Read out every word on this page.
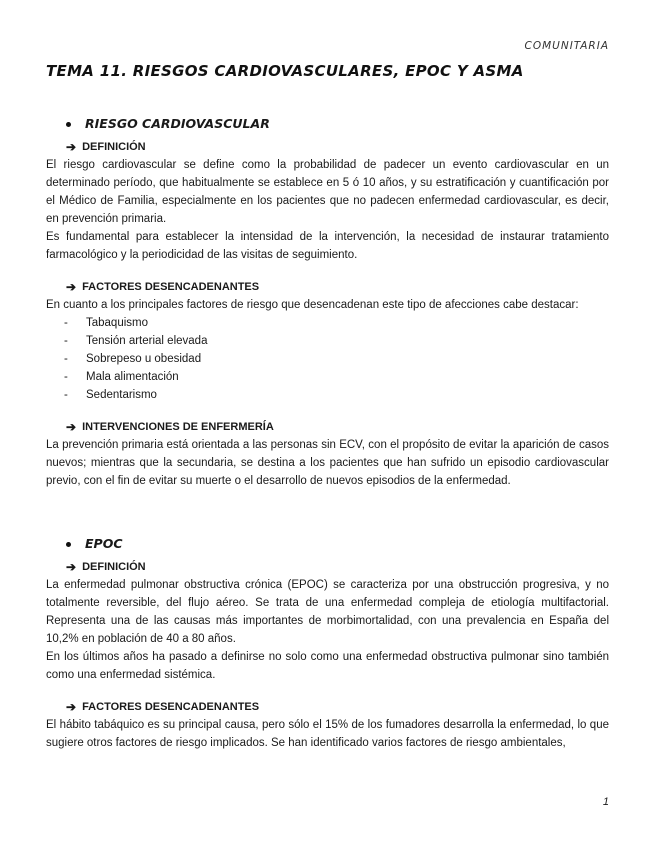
COMUNITARIA
TEMA 11. RIESGOS CARDIOVASCULARES, EPOC Y ASMA
RIESGO CARDIOVASCULAR
➔ DEFINICIÓN

El riesgo cardiovascular se define como la probabilidad de padecer un evento cardiovascular en un determinado período, que habitualmente se establece en 5 ó 10 años, y su estratificación y cuantificación por el Médico de Familia, especialmente en los pacientes que no padecen enfermedad cardiovascular, es decir, en prevención primaria.

Es fundamental para establecer la intensidad de la intervención, la necesidad de instaurar tratamiento farmacológico y la periodicidad de las visitas de seguimiento.

➔ FACTORES DESENCADENANTES

En cuanto a los principales factores de riesgo que desencadenan este tipo de afecciones cabe destacar:

-	Tabaquismo
-	Tensión arterial elevada
-	Sobrepeso u obesidad
-	Mala alimentación
-	Sedentarismo
➔ INTERVENCIONES DE ENFERMERÍA

La prevención primaria está orientada a las personas sin ECV, con el propósito de evitar la aparición de casos nuevos; mientras que la secundaria, se destina a los pacientes que han sufrido un episodio cardiovascular previo, con el fin de evitar su muerte o el desarrollo de nuevos episodios de la enfermedad.

EPOC
➔ DEFINICIÓN

La enfermedad pulmonar obstructiva crónica (EPOC) se caracteriza por una obstrucción progresiva, y no totalmente reversible, del flujo aéreo. Se trata de una enfermedad compleja de etiología multifactorial. Representa una de las causas más importantes de morbimortalidad, con una prevalencia en España del 10,2% en población de 40 a 80 años.

En los últimos años ha pasado a definirse no solo como una enfermedad obstructiva pulmonar sino también como una enfermedad sistémica.

➔ FACTORES DESENCADENANTES

El hábito tabáquico es su principal causa, pero sólo el 15% de los fumadores desarrolla la enfermedad, lo que sugiere otros factores de riesgo implicados. Se han identificado varios factores de riesgo ambientales,

1
